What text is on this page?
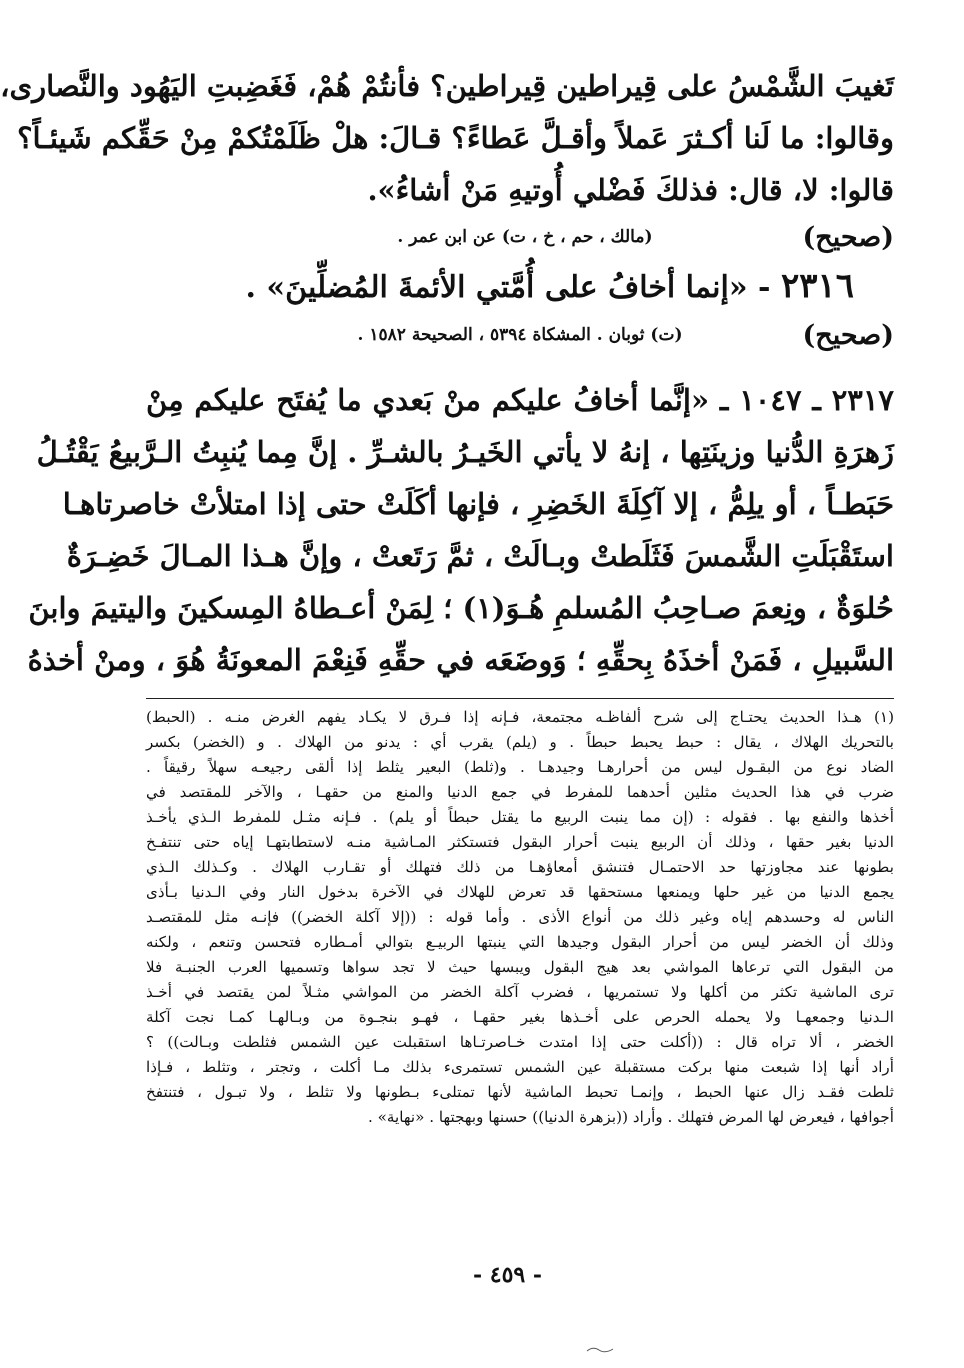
تَغيبَ الشَّمْسُ على قِيراطين قِيراطين؟ فأنتُمْ هُمْ، فَغَضِبتِ اليَهُود والنَّصارى،
وقالوا: ما لَنا أكـثرَ عَملاً وأقـلَّ عَطاءً؟ قـالَ: هلْ ظَلَمْتُكمْ مِنْ حَقِّكم شَيئـاً؟
قالوا: لا، قال: فذلكَ فَضْلي أُوتيهِ مَنْ أشاءُ».
( صحيح )
(مالك ، حم ، خ ، ت) عن ابن عمر .
٢٣١٦ - «إنما أخافُ على أُمَّتي الأئمةَ المُضلِّينَ» .
( صحيح )
(ت) ثوبان . المشكاة ٥٣٩٤ ، الصحيحة ١٥٨٢ .
٢٣١٧ ـ ١٠٤٧ ـ «إنَّما أخافُ عليكم منْ بَعدي ما يُفتَح عليكم مِنْ
زَهرَةِ الدُّنيا وزينَتِها ، إنهُ لا يأتي الخَيـرُ بالشـرِّ . إنَّ مِما يُنبِتُ الـرَّبيعُ يَقْتُـلُ
حَبَطـاً ، أو يلِمُّ ، إلا آكِلَةَ الخَضِرِ ، فإنها أكَلَتْ حتى إذا امتلأتْ خاصرتاهـا
استَقْبَلَتِ الشَّمسَ فَثَلَطتْ وبـالَتْ ، ثمَّ رَتَعتْ ، وإنَّ هـذا المـالَ خَضِـرَةٌ
حُلوَةٌ ، ونِعمَ صـاحِبُ المُسلمِ هُـوَ(١) ؛ لِمَنْ أعـطاهُ المِسكينَ واليتيمَ وابنَ
السَّبيلِ ، فَمَنْ أخذَهُ بِحقِّهِ ؛ وَوضَعَه في حقِّهِ فَنِعْمَ المعونَةُ هُوَ ، ومنْ أخذهُ
(١) هـذا الحديث يحتـاج إلى شرح ألفاظـه مجتمعة، فـإنه إذا فـرق لا يكـاد يفهم الغرض منـه . (الحبط)
بالتحريك الهلاك ، يقال : حبط يحبط حبطاً . و (يلم) يقرب أي : يدنو من الهلاك . و (الخضر) بكسر
الضاد نوع من البقـول ليس من أحرارهـا وجيدهـا . و(ثلط) البعير يثلط إذا ألقى رجيعـه سهلاً رقيقاً .
ضرب في هذا الحديث مثلين أحدهما للمفرط في جمع الدنيا والمنع من حقهـا ، والآخر للمقتصد في
أخذها والنفع بها . فقوله : (إن مما ينبت الربيع ما يقتل حبطاً أو يلم) . فـإنه مثـل للمفرط الـذي يأخـذ
الدنيا بغير حقها ، وذلك أن الربيع ينبت أحرار البقول فتستكثر المـاشية منـه لاستطابتهـا إياه حتى تنتفـخ
بطونها عند مجاوزتها حد الاحتمـال فتنشق أمعاؤهـا من ذلك فتهلك أو تقـارب الهلاك . وكـذلك الـذي
يجمع الدنيا من غير حلها ويمنعها مستحقها قد تعرض للهلاك في الآخرة بدخول النار وفي الـدنيا بـأذى
الناس له وحسدهم إياه وغير ذلك من أنواع الأذى . وأما قوله : ((إلا آكلة الخضر)) فإنـه مثل للمقتصـد
وذلك أن الخضر ليس من أحرار البقول وجيدها التي ينبتها الربيـع بتوالي أمـطاره فتحسن وتنعم ، ولكنه
من البقول التي ترعاها المواشي بعد هيج البقول ويبسها حيث لا تجد سواها وتسميها العرب الجنبـة فلا
ترى الماشية تكثر من أكلها ولا تستمريها ، فضرب آكلة الخضر من المواشي مثـلاً لمن يقتصد في أخـذ
الـدنيا وجمعهـا ولا يحمله الحرص على أخـذها بغير حقهـا ، فهـو بنجـوة من وبـالهـا كمـا نجت آكلة
الخضر ، ألا تراه قال : ((أكلت حتى إذا امتدت خـاصرتـاها استقبلت عين الشمس فثلطت وبـالت)) ؟
أراد أنها إذا شبعت منها بركت مستقبلة عين الشمس تستمرىء بذلك مـا أكلت ، وتجتر ، وتثلط ، فـإذا
ثلطت فقـد زال عنها الحبط ، وإنمـا تحبط الماشية لأنها تمتلىء بـطونها ولا تثلط ، ولا تبـول ، فتنتفخ
أجوافها ، فيعرض لها المرض فتهلك . وأراد ((بزهرة الدنيا)) حسنها وبهجتها . «نهاية» .
- ٤٥٩ -
